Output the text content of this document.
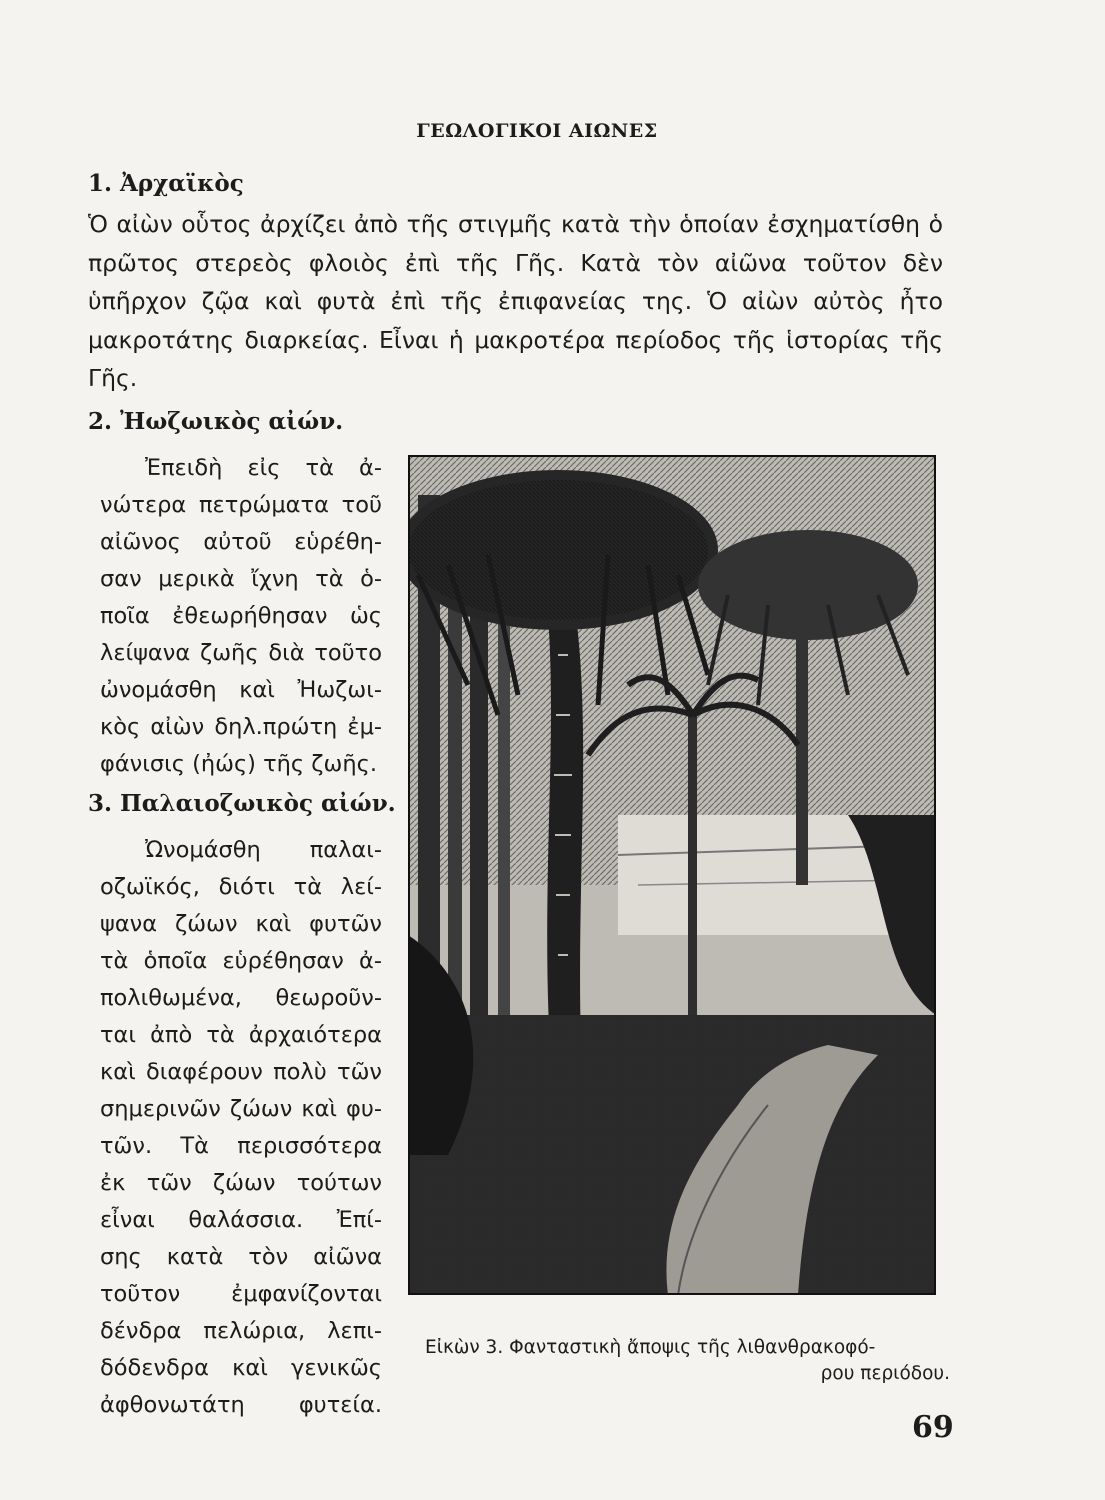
ΓΕΩΛΟΓΙΚΟΙ ΑΙΩΝΕΣ
1. Ἀρχαϊκὸς
Ὁ αἰὼν οὗτος ἀρχίζει ἀπὸ τῆς στιγμῆς κατὰ τὴν ὁποίαν ἐσχηματίσθη ὁ πρῶτος στερεὸς φλοιὸς ἐπὶ τῆς Γῆς. Κατὰ τὸν αἰῶνα τοῦτον δὲν ὑπῆρχον ζῷα καὶ φυτὰ ἐπὶ τῆς ἐπιφανείας της. Ὁ αἰὼν αὐτὸς ἦτο μακροτάτης διαρκείας. Εἶναι ἡ μακροτέρα περίοδος τῆς ἱστορίας τῆς Γῆς.
2. Ἠωζωικὸς αἰών.
Ἐπειδὴ εἰς τὰ ἀ-
νώτερα πετρώματα τοῦ
αἰῶνος αὐτοῦ εὑρέθη-
σαν μερικὰ ἴχνη τὰ ὁ-
ποῖα ἐθεωρήθησαν ὡς
λείψανα ζωῆς διὰ τοῦτο
ὠνομάσθη καὶ Ἠωζωι-
κὸς αἰὼν δηλ.πρώτη ἐμ-
φάνισις (ἠώς) τῆς ζωῆς.
3. Παλαιοζωικὸς αἰών.
Ὠνομάσθη παλαι-
οζωϊκός, διότι τὰ λεί-
ψανα ζώων καὶ φυτῶν
τὰ ὁποῖα εὑρέθησαν ἀ-
πολιθωμένα, θεωροῦν-
ται ἀπὸ τὰ ἀρχαιότερα
καὶ διαφέρουν πολὺ τῶν
σημερινῶν ζώων καὶ φυ-
τῶν. Τὰ περισσότερα
ἐκ τῶν ζώων τούτων
εἶναι θαλάσσια. Ἐπί-
σης κατὰ τὸν αἰῶνα
τοῦτον ἐμφανίζονται
δένδρα πελώρια, λεπι-
δόδενδρα καὶ γενικῶς
ἀφθονωτάτη φυτεία.
Εἰκὼν 3. Φανταστικὴ ἄποψις τῆς λιθανθρακοφό-
ρου περιόδου.
69
